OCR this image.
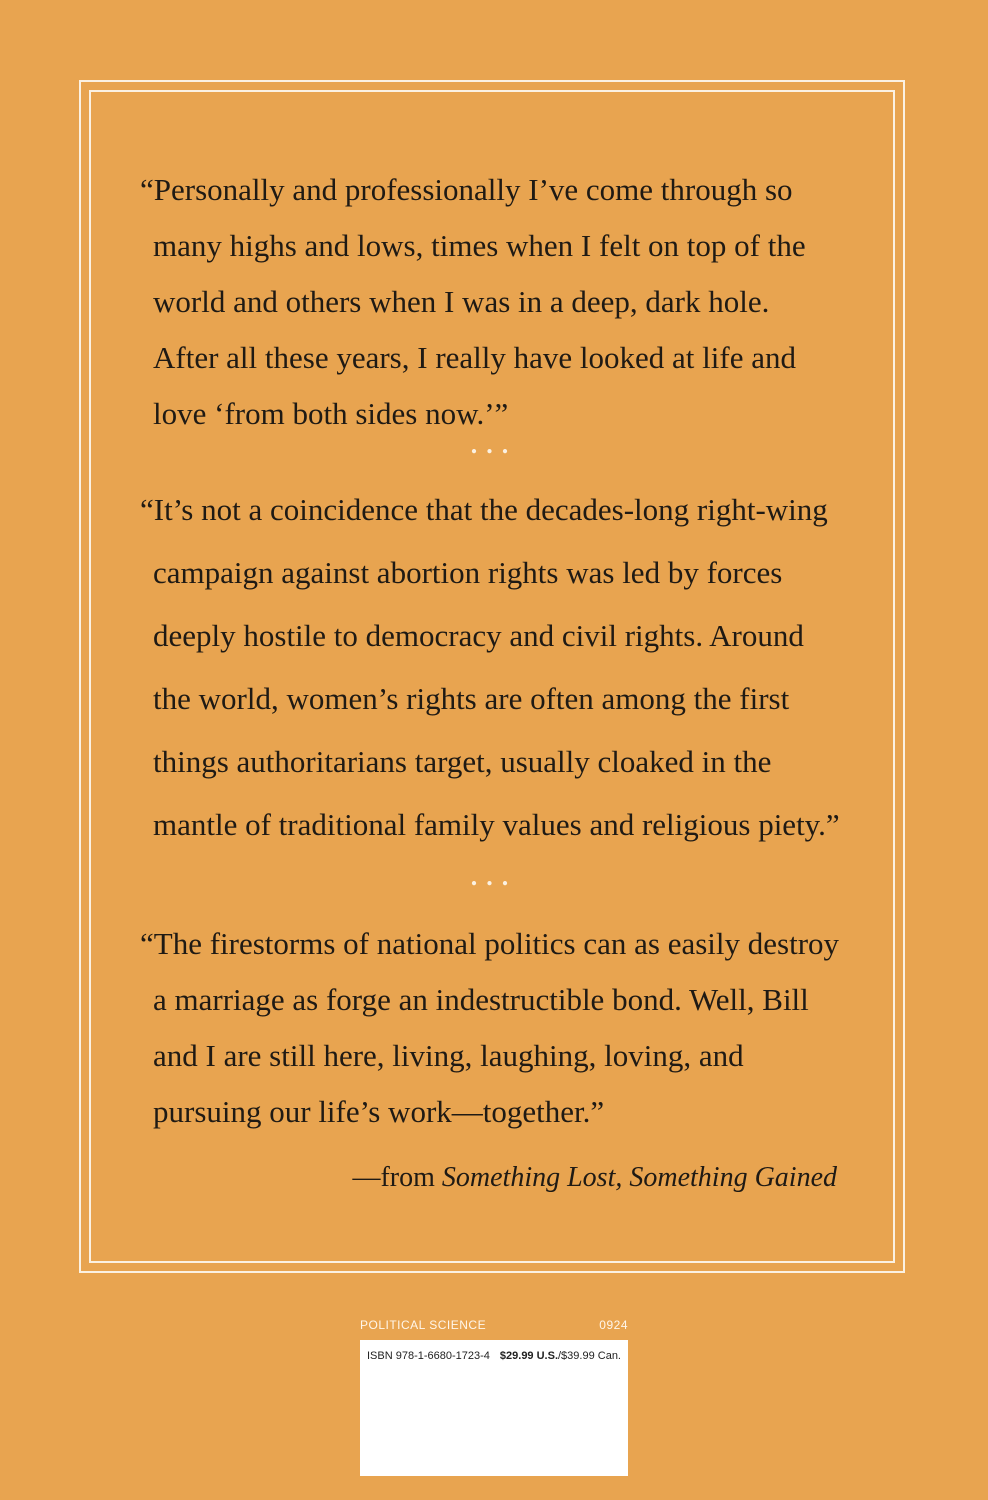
“Personally and professionally I’ve come through so many highs and lows, times when I felt on top of the world and others when I was in a deep, dark hole. After all these years, I really have looked at life and love ‘from both sides now.’”

...

“It’s not a coincidence that the decades-long right-wing campaign against abortion rights was led by forces deeply hostile to democracy and civil rights. Around the world, women’s rights are often among the first things authoritarians target, usually cloaked in the mantle of traditional family values and religious piety.”

...

“The firestorms of national politics can as easily destroy a marriage as forge an indestructible bond. Well, Bill and I are still here, living, laughing, loving, and pursuing our life’s work—together.”

—from Something Lost, Something Gained
POLITICAL SCIENCE	0924
ISBN 978-1-6680-1723-4 $29.99 U.S./$39.99 Can.
